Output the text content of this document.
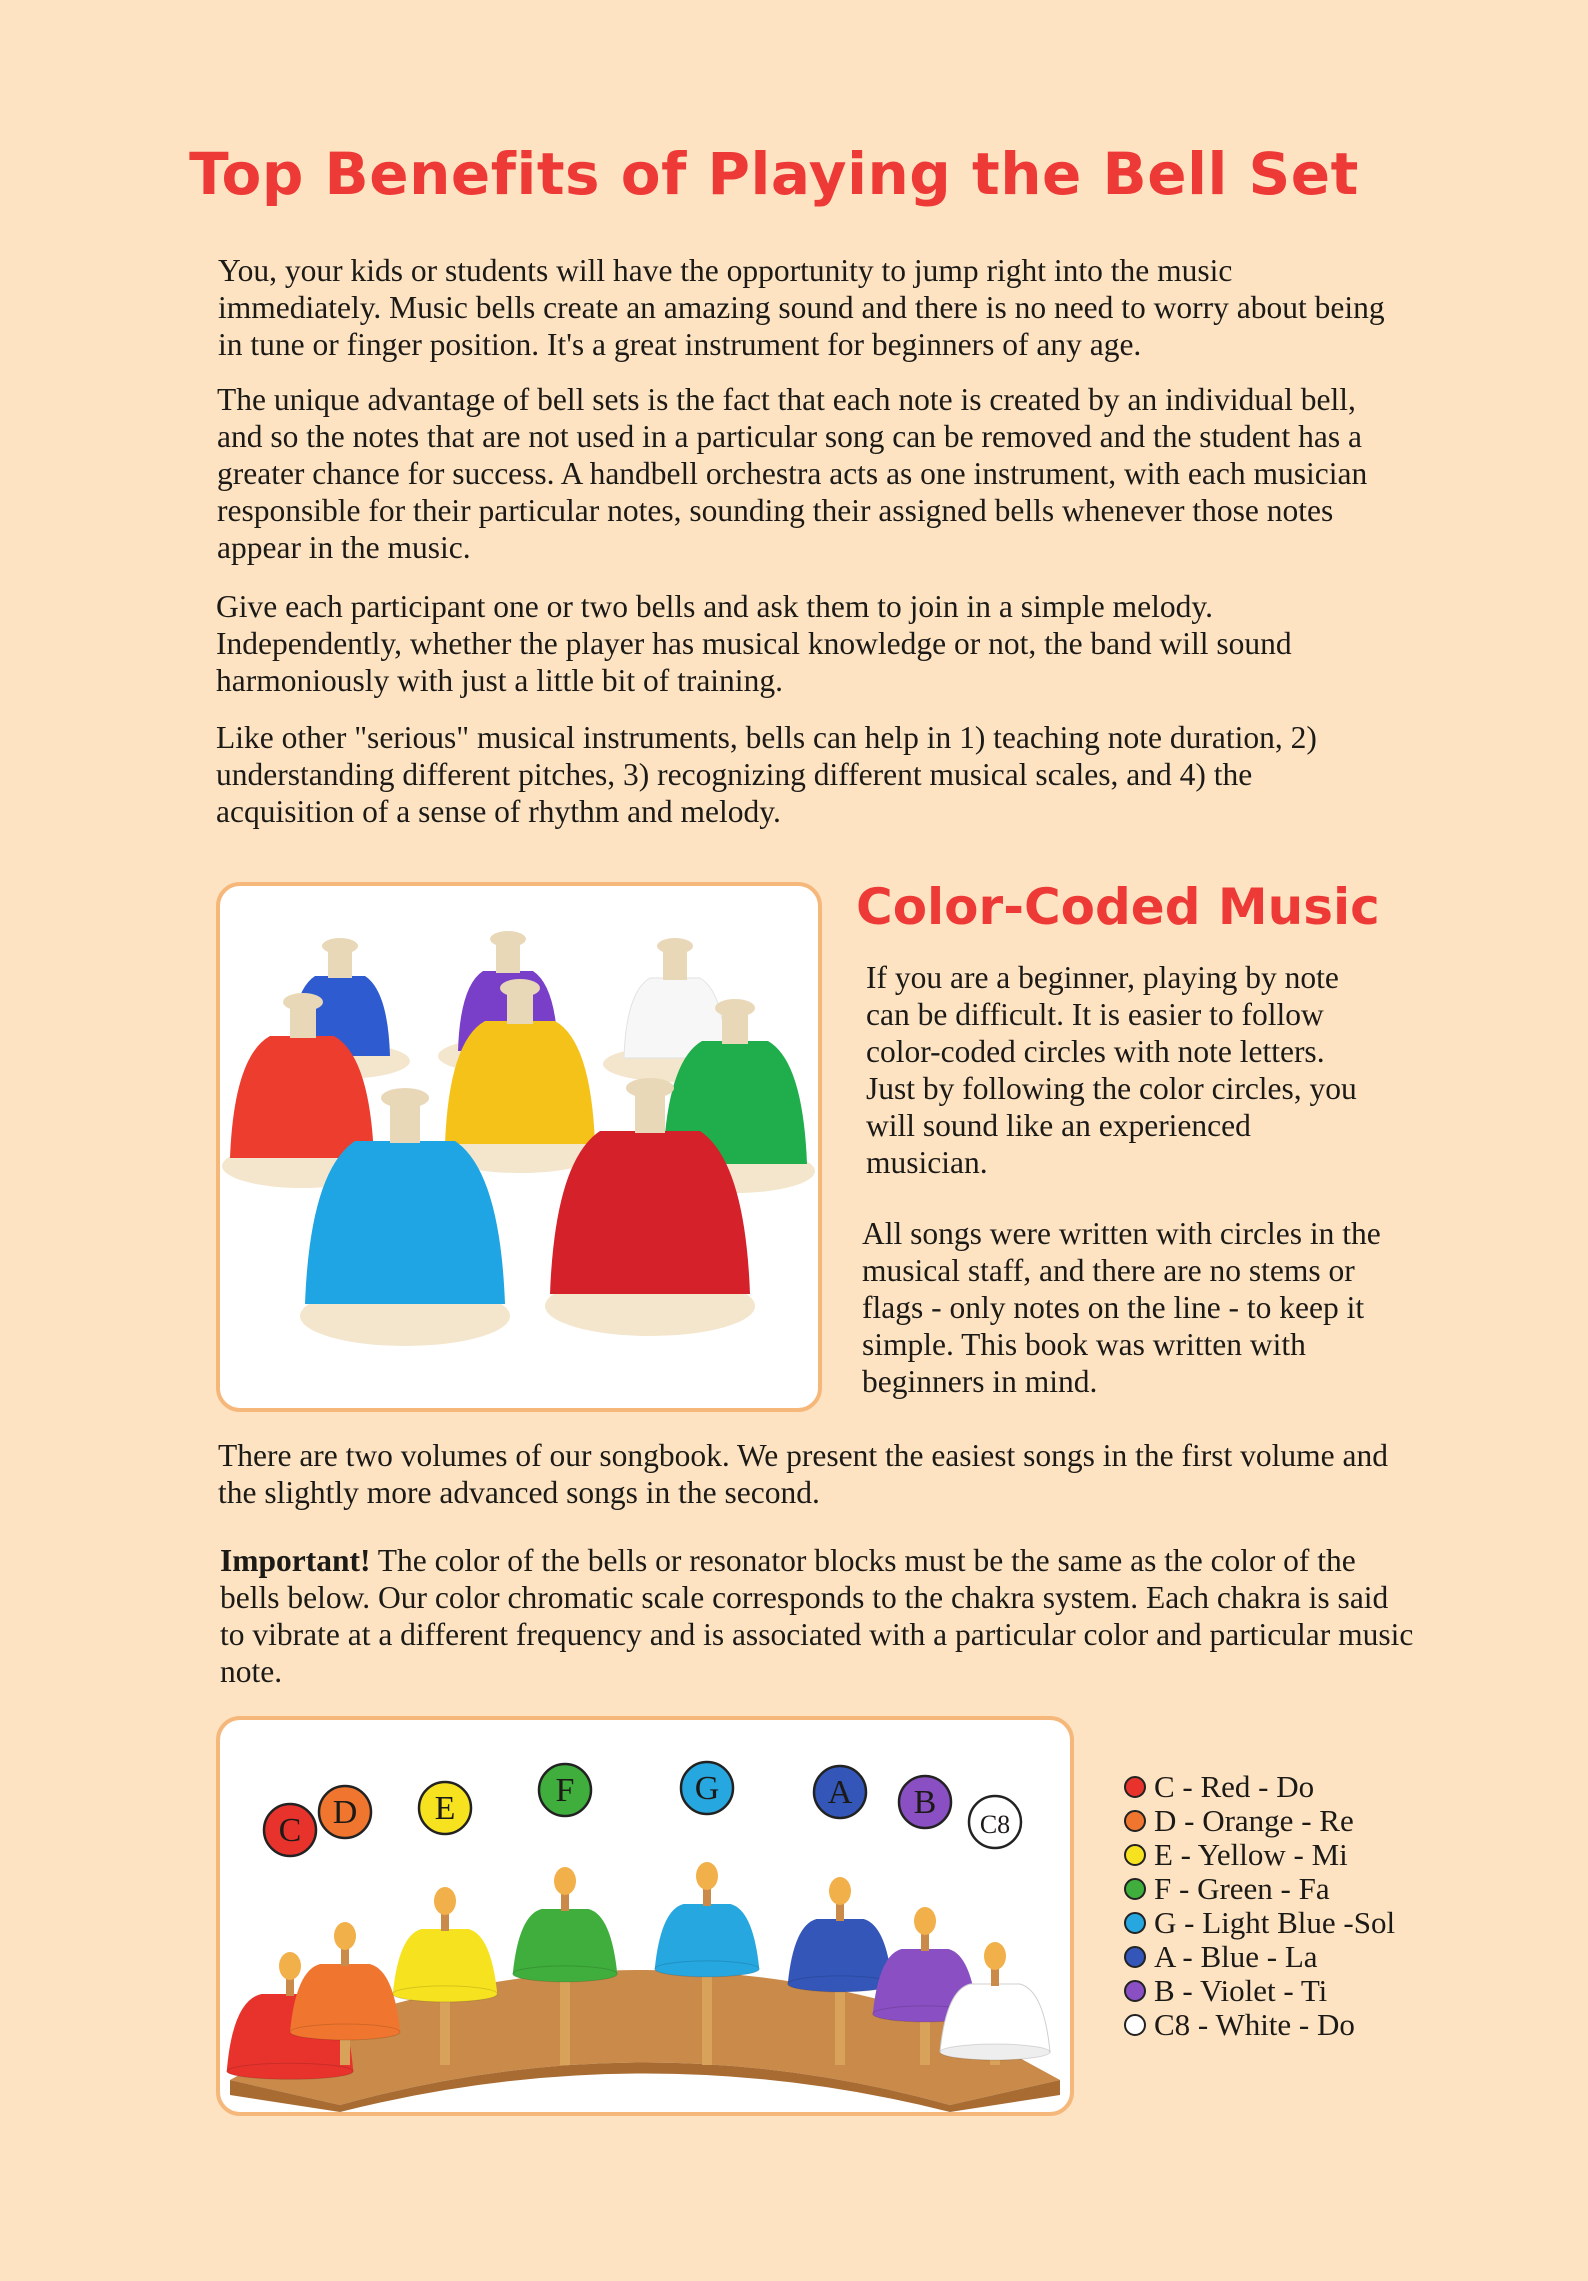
Top Benefits of Playing the Bell Set

You, your kids or students will have the opportunity to jump right into the music immediately. Music bells create an amazing sound and there is no need to worry about being in tune or finger position. It's a great instrument for beginners of any age.

The unique advantage of bell sets is the fact that each note is created by an individual bell, and so the notes that are not used in a particular song can be removed and the student has a greater chance for success. A handbell orchestra acts as one instrument, with each musician responsible for their particular notes, sounding their assigned bells whenever those notes appear in the music.

Give each participant one or two bells and ask them to join in a simple melody. Independently, whether the player has musical knowledge or not, the band will sound harmoniously with just a little bit of training.

Like other "serious" musical instruments, bells can help in 1) teaching note duration, 2) understanding different pitches, 3) recognizing different musical scales, and 4) the acquisition of a sense of rhythm and melody.

Color-Coded Music

If you are a beginner, playing by note can be difficult. It is easier to follow color-coded circles with note letters. Just by following the color circles, you will sound like an experienced musician.

All songs were written with circles in the musical staff, and there are no stems or flags - only notes on the line - to keep it simple. This book was written with beginners in mind.

There are two volumes of our songbook. We present the easiest songs in the first volume and the slightly more advanced songs in the second.

Important! The color of the bells or resonator blocks must be the same as the color of the bells below. Our color chromatic scale corresponds to the chakra system. Each chakra is said to vibrate at a different frequency and is associated with a particular color and particular music note.

C D E	F	G	A B
C8
C - Red - Do
D - Orange - Re
E - Yellow - Mi
F - Green - Fa
G - Light Blue -Sol
A - Blue - La
B - Violet - Ti
C8 - White - Do
